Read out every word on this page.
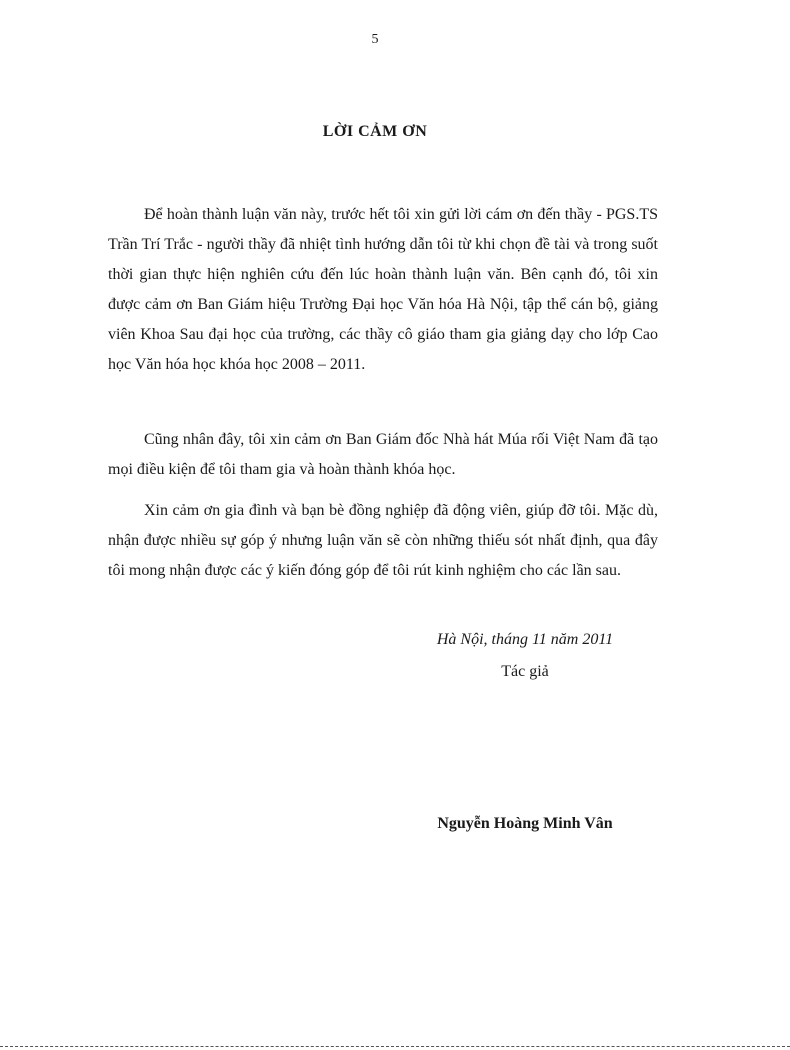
5
LỜI CẢM ƠN

Để hoàn thành luận văn này, trước hết tôi xin gửi lời cám ơn đến thầy - PGS.TS Trần Trí Trắc - người thầy đã nhiệt tình hướng dẫn tôi từ khi chọn đề tài và trong suốt thời gian thực hiện nghiên cứu đến lúc hoàn thành luận văn. Bên cạnh đó, tôi xin được cảm ơn Ban Giám hiệu Trường Đại học Văn hóa Hà Nội, tập thể cán bộ, giảng viên Khoa Sau đại học của trường, các thầy cô giáo tham gia giảng dạy cho lớp Cao học Văn hóa học khóa học 2008 – 2011.

Cũng nhân đây, tôi xin cảm ơn Ban Giám đốc Nhà hát Múa rối Việt Nam đã tạo mọi điều kiện để tôi tham gia và hoàn thành khóa học.

Xin cảm ơn gia đình và bạn bè đồng nghiệp đã động viên, giúp đỡ tôi. Mặc dù, nhận được nhiều sự góp ý nhưng luận văn sẽ còn những thiếu sót nhất định, qua đây tôi mong nhận được các ý kiến đóng góp để tôi rút kinh nghiệm cho các lần sau.

Hà Nội, tháng 11 năm 2011
Tác giả
Nguyễn Hoàng Minh Vân
